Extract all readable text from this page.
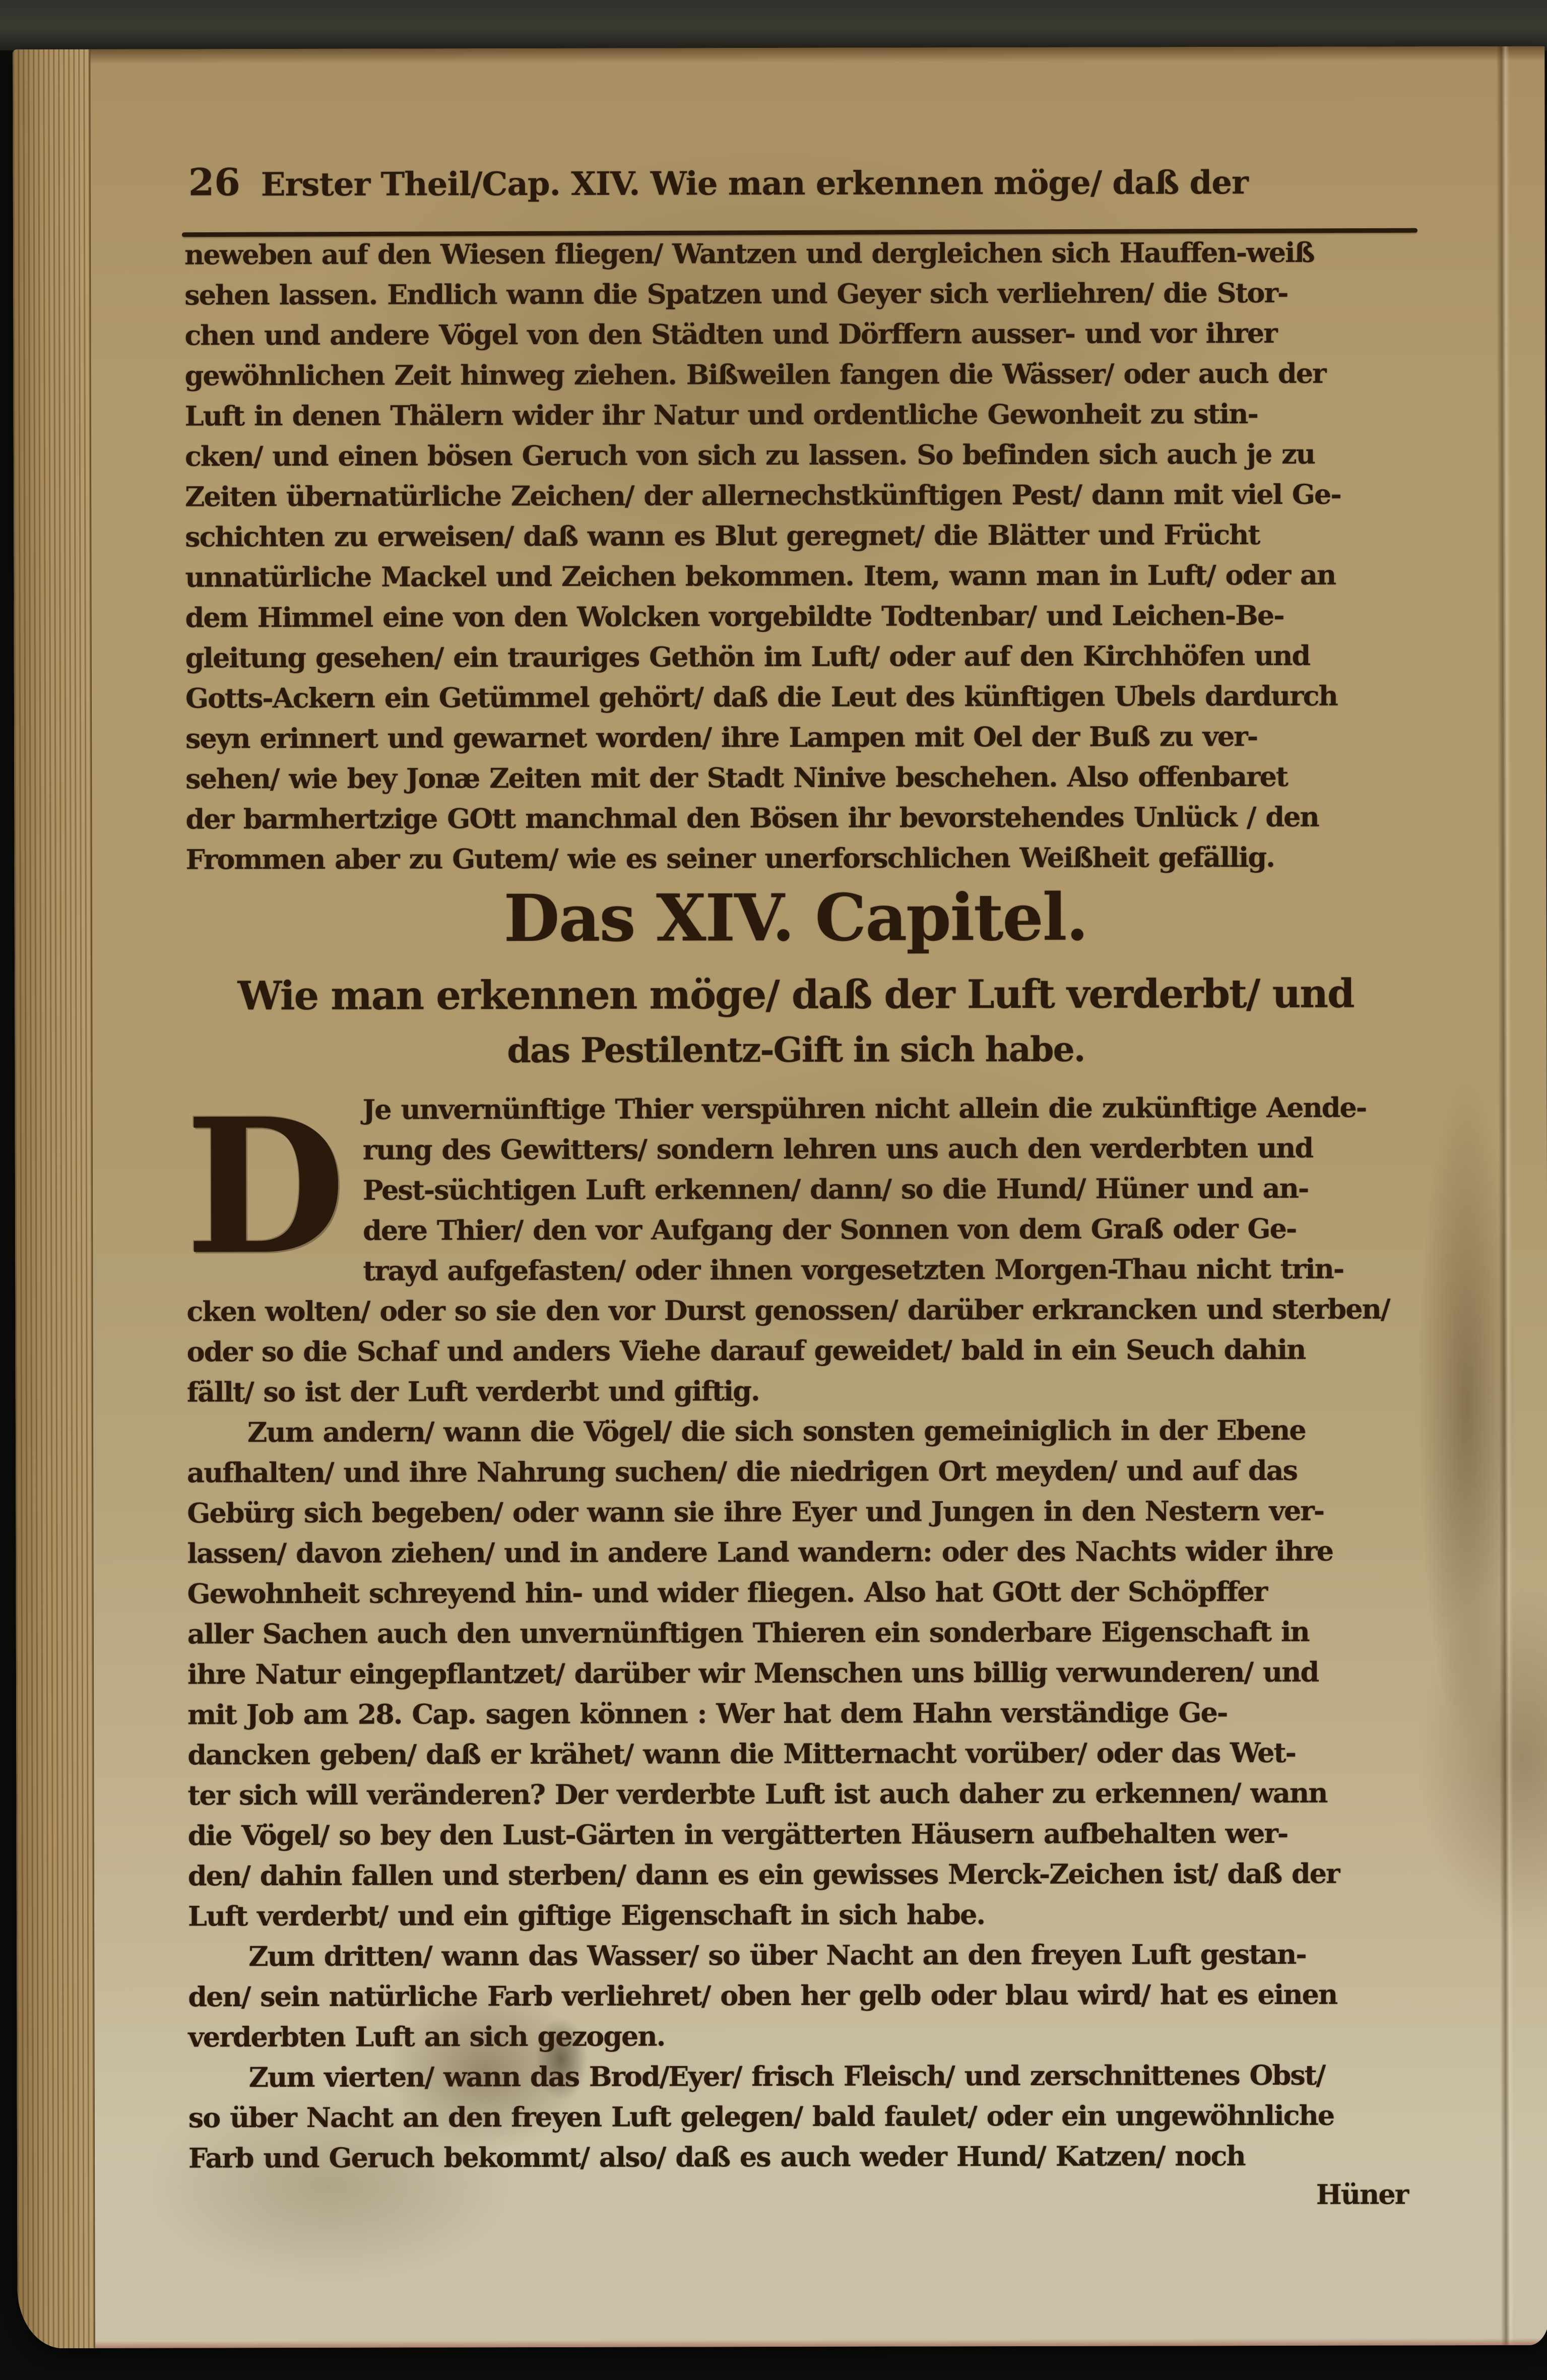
26 Erster Theil/Cap. XIV. Wie man erkennen möge/ daß der
neweben auf den Wiesen fliegen/ Wantzen und dergleichen sich Hauffen-weiß
sehen lassen. Endlich wann die Spatzen und Geyer sich verliehren/ die Stor-
chen und andere Vögel von den Städten und Dörffern ausser- und vor ihrer
gewöhnlichen Zeit hinweg ziehen. Bißweilen fangen die Wässer/ oder auch der
Luft in denen Thälern wider ihr Natur und ordentliche Gewonheit zu stin-
cken/ und einen bösen Geruch von sich zu lassen. So befinden sich auch je zu
Zeiten übernatürliche Zeichen/ der allernechstkünftigen Pest/ dann mit viel Ge-
schichten zu erweisen/ daß wann es Blut geregnet/ die Blätter und Frücht
unnatürliche Mackel und Zeichen bekommen. Item, wann man in Luft/ oder an
dem Himmel eine von den Wolcken vorgebildte Todtenbar/ und Leichen-Be-
gleitung gesehen/ ein trauriges Gethön im Luft/ oder auf den Kirchhöfen und
Gotts-Ackern ein Getümmel gehört/ daß die Leut des künftigen Ubels dardurch
seyn erinnert und gewarnet worden/ ihre Lampen mit Oel der Buß zu ver-
sehen/ wie bey Jonæ Zeiten mit der Stadt Ninive beschehen. Also offenbaret
der barmhertzige GOtt manchmal den Bösen ihr bevorstehendes Unlück / den
Frommen aber zu Gutem/ wie es seiner unerforschlichen Weißheit gefällig.
Das XIV. Capitel.
Wie man erkennen möge/ daß der Luft verderbt/ und
das Pestilentz-Gift in sich habe.
D Je unvernünftige Thier verspühren nicht allein die zukünftige Aende-
rung des Gewitters/ sondern lehren uns auch den verderbten und
Pest-süchtigen Luft erkennen/ dann/ so die Hund/ Hüner und an-
dere Thier/ den vor Aufgang der Sonnen von dem Graß oder Ge-
trayd aufgefasten/ oder ihnen vorgesetzten Morgen-Thau nicht trin-
cken wolten/ oder so sie den vor Durst genossen/ darüber erkrancken und sterben/
oder so die Schaf und anders Viehe darauf geweidet/ bald in ein Seuch dahin
fällt/ so ist der Luft verderbt und giftig.
Zum andern/ wann die Vögel/ die sich sonsten gemeiniglich in der Ebene
aufhalten/ und ihre Nahrung suchen/ die niedrigen Ort meyden/ und auf das
Gebürg sich begeben/ oder wann sie ihre Eyer und Jungen in den Nestern ver-
lassen/ davon ziehen/ und in andere Land wandern: oder des Nachts wider ihre
Gewohnheit schreyend hin- und wider fliegen. Also hat GOtt der Schöpffer
aller Sachen auch den unvernünftigen Thieren ein sonderbare Eigenschaft in
ihre Natur eingepflantzet/ darüber wir Menschen uns billig verwunderen/ und
mit Job am 28. Cap. sagen können : Wer hat dem Hahn verständige Ge-
dancken geben/ daß er krähet/ wann die Mitternacht vorüber/ oder das Wet-
ter sich will veränderen? Der verderbte Luft ist auch daher zu erkennen/ wann
die Vögel/ so bey den Lust-Gärten in vergätterten Häusern aufbehalten wer-
den/ dahin fallen und sterben/ dann es ein gewisses Merck-Zeichen ist/ daß der
Luft verderbt/ und ein giftige Eigenschaft in sich habe.
Zum dritten/ wann das Wasser/ so über Nacht an den freyen Luft gestan-
den/ sein natürliche Farb verliehret/ oben her gelb oder blau wird/ hat es einen
verderbten Luft an sich gezogen.
Zum vierten/ wann das Brod/Eyer/ frisch Fleisch/ und zerschnittenes Obst/
so über Nacht an den freyen Luft gelegen/ bald faulet/ oder ein ungewöhnliche
Farb und Geruch bekommt/ also/ daß es auch weder Hund/ Katzen/ noch
Hüner
